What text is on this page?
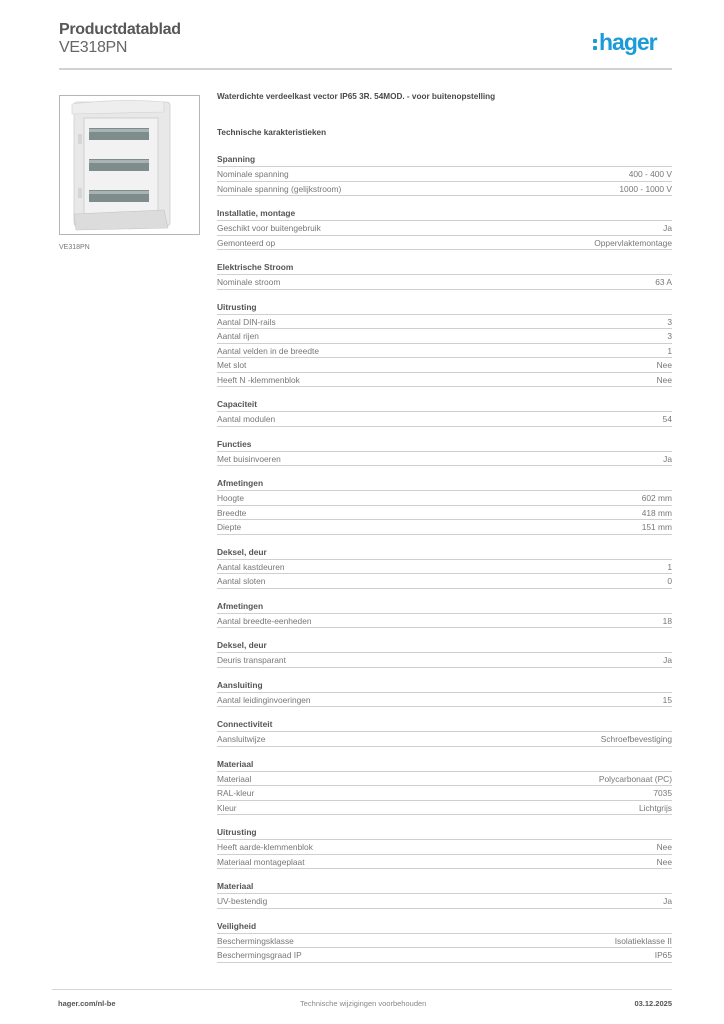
Productdatablad
VE318PN	hager
VE318PN
Waterdichte verdeelkast vector IP65 3R. 54MOD. - voor buitenopstelling
Technische karakteristieken
Spanning
Nominale spanning	400 - 400 V
Nominale spanning (gelijkstroom)	1000 - 1000 V
Installatie, montage
Geschikt voor buitengebruik	Ja
Gemonteerd op	Oppervlaktemontage
Elektrische Stroom
Nominale stroom	63 A
Uitrusting
Aantal DIN-rails	3
Aantal rijen	3
Aantal velden in de breedte	1
Met slot	Nee
Heeft N -klemmenblok	Nee
Capaciteit
Aantal modulen	54
Functies
Met buisinvoeren	Ja
Afmetingen
Hoogte	602 mm
Breedte	418 mm
Diepte	151 mm
Deksel, deur
Aantal kastdeuren	1
Aantal sloten	0
Afmetingen
Aantal breedte-eenheden	18
Deksel, deur
Deuris transparant	Ja
Aansluiting
Aantal leidinginvoeringen	15
Connectiviteit
Aansluitwijze	Schroefbevestiging
Materiaal
Materiaal	Polycarbonaat (PC)
RAL-kleur	7035
Kleur	Lichtgrijs
Uitrusting
Heeft aarde-klemmenblok	Nee
Materiaal montageplaat	Nee
Materiaal
UV-bestendig	Ja
Veiligheid
Beschermingsklasse	Isolatieklasse II
Beschermingsgraad IP	IP65
hager.com/nl-be	Technische wijzigingen voorbehouden	03.12.2025
